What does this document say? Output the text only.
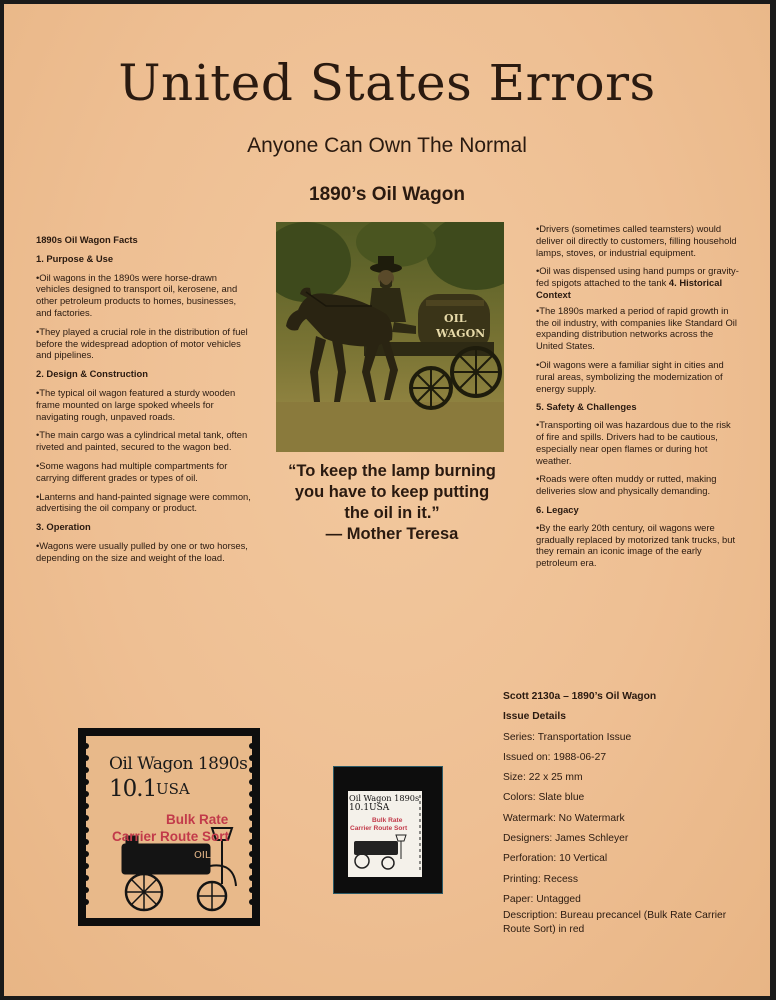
United States Errors
Anyone Can Own The Normal
1890’s Oil Wagon

1890s Oil Wagon Facts

1. Purpose & Use

•Oil wagons in the 1890s were horse-drawn vehicles designed to transport oil, kerosene, and other petroleum products to homes, businesses, and factories.

•They played a crucial role in the distribution of fuel before the widespread adoption of motor vehicles and pipelines.

2. Design & Construction

•The typical oil wagon featured a sturdy wooden frame mounted on large spoked wheels for navigating rough, unpaved roads.

•The main cargo was a cylindrical metal tank, often riveted and painted, secured to the wagon bed.

•Some wagons had multiple compartments for carrying different grades or types of oil.

•Lanterns and hand-painted signage were common, advertising the oil company or product.

3. Operation

•Wagons were usually pulled by one or two horses, depending on the size and weight of the load.

OIL
WAGON
“To keep the lamp burning you have to keep putting the oil in it.”
— Mother Teresa

•Drivers (sometimes called teamsters) would deliver oil directly to customers, filling household lamps, stoves, or industrial equipment.

•Oil was dispensed using hand pumps or gravity-fed spigots attached to the tank 4. Historical Context

•The 1890s marked a period of rapid growth in the oil industry, with companies like Standard Oil expanding distribution networks across the United States.

•Oil wagons were a familiar sight in cities and rural areas, symbolizing the modernization of energy supply.

5. Safety & Challenges

•Transporting oil was hazardous due to the risk of fire and spills. Drivers had to be cautious, especially near open flames or during hot weather.

•Roads were often muddy or rutted, making deliveries slow and physically demanding.

6. Legacy

•By the early 20th century, oil wagons were gradually replaced by motorized tank trucks, but they remain an iconic image of the early petroleum era.

Scott 2130a – 1890’s Oil Wagon
Issue Details
Series: Transportation Issue
Issued on: 1988-06-27
Size: 22 x 25 mm
Colors: Slate blue
Watermark: No Watermark
Designers: James Schleyer
Perforation: 10 Vertical
Printing: Recess
Paper: Untagged
Description: Bureau precancel (Bulk Rate Carrier Route Sort) in red
OIL
Oil Wagon 1890s
10.1 USA
Bulk Rate
Carrier Route Sort
Oil Wagon 1890s
10.1USA
Bulk Rate
Carrier Route Sort
